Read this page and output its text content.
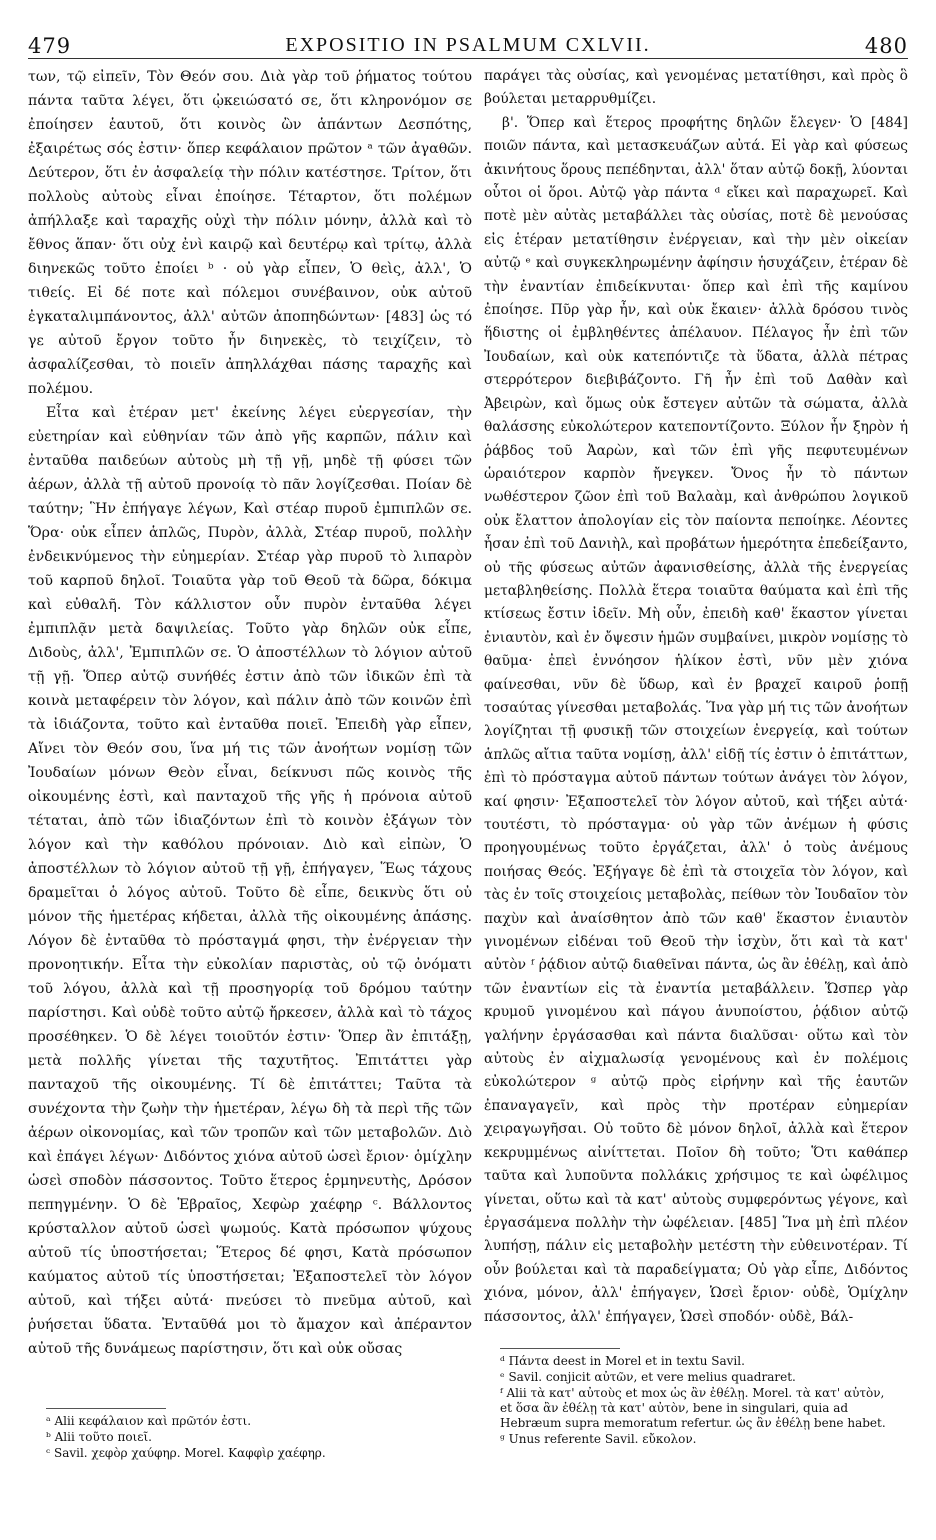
479	EXPOSITIO IN PSALMUM CXLVII.	480

των, τῷ εἰπεῖν, Τὸν Θεόν σου. Διὰ γὰρ τοῦ ῥήματος τούτου πάντα ταῦτα λέγει, ὅτι ᾠκειώσατό σε, ὅτι κληρονόμον σε ἐποίησεν ἑαυτοῦ, ὅτι κοινὸς ὢν ἁπάντων Δεσπότης, ἐξαιρέτως σός ἐστιν· ὅπερ κεφάλαιον πρῶτον ᵃ τῶν ἀγαθῶν. Δεύτερον, ὅτι ἐν ἀσφαλείᾳ τὴν πόλιν κατέστησε. Τρίτον, ὅτι πολλοὺς αὐτοὺς εἶναι ἐποίησε. Τέταρτον, ὅτι πολέμων ἀπήλλαξε καὶ ταραχῆς οὐχὶ τὴν πόλιν μόνην, ἀλλὰ καὶ τὸ ἔθνος ἅπαν· ὅτι οὐχ ἐνὶ καιρῷ καὶ δευτέρῳ καὶ τρίτῳ, ἀλλὰ διηνεκῶς τοῦτο ἐποίει ᵇ · οὐ γὰρ εἶπεν, Ὁ θεὶς, ἀλλ', Ὁ τιθείς. Εἰ δέ ποτε καὶ πόλεμοι συνέβαινον, οὐκ αὐτοῦ ἐγκαταλιμπάνοντος, ἀλλ' αὐτῶν ἀποπηδώντων· [483] ὡς τό γε αὐτοῦ ἔργον τοῦτο ἦν διηνεκὲς, τὸ τειχίζειν, τὸ ἀσφαλίζεσθαι, τὸ ποιεῖν ἀπηλλάχθαι πάσης ταραχῆς καὶ πολέμου.

Εἶτα καὶ ἑτέραν μετ' ἐκείνης λέγει εὐεργεσίαν, τὴν εὐετηρίαν καὶ εὐθηνίαν τῶν ἀπὸ γῆς καρπῶν, πάλιν καὶ ἐνταῦθα παιδεύων αὐτοὺς μὴ τῇ γῇ, μηδὲ τῇ φύσει τῶν ἀέρων, ἀλλὰ τῇ αὐτοῦ προνοίᾳ τὸ πᾶν λογίζεσθαι. Ποίαν δὲ ταύτην; Ἣν ἐπήγαγε λέγων, Καὶ στέαρ πυροῦ ἐμπιπλῶν σε. Ὅρα· οὐκ εἶπεν ἁπλῶς, Πυρὸν, ἀλλὰ, Στέαρ πυροῦ, πολλὴν ἐνδεικνύμενος τὴν εὐημερίαν. Στέαρ γὰρ πυροῦ τὸ λιπαρὸν τοῦ καρποῦ δηλοῖ. Τοιαῦτα γὰρ τοῦ Θεοῦ τὰ δῶρα, δόκιμα καὶ εὐθαλῆ. Τὸν κάλλιστον οὖν πυρὸν ἐνταῦθα λέγει ἐμπιπλᾷν μετὰ δαψιλείας. Τοῦτο γὰρ δηλῶν οὐκ εἶπε, Διδοὺς, ἀλλ', Ἐμπιπλῶν σε. Ὁ ἀποστέλλων τὸ λόγιον αὐτοῦ τῇ γῇ. Ὅπερ αὐτῷ συνήθές ἐστιν ἀπὸ τῶν ἰδικῶν ἐπὶ τὰ κοινὰ μεταφέρειν τὸν λόγον, καὶ πάλιν ἀπὸ τῶν κοινῶν ἐπὶ τὰ ἰδιάζοντα, τοῦτο καὶ ἐνταῦθα ποιεῖ. Ἐπειδὴ γὰρ εἶπεν, Αἴνει τὸν Θεόν σου, ἵνα μή τις τῶν ἀνοήτων νομίσῃ τῶν Ἰουδαίων μόνων Θεὸν εἶναι, δείκνυσι πῶς κοινὸς τῆς οἰκουμένης ἐστὶ, καὶ πανταχοῦ τῆς γῆς ἡ πρόνοια αὐτοῦ τέταται, ἀπὸ τῶν ἰδιαζόντων ἐπὶ τὸ κοινὸν ἐξάγων τὸν λόγον καὶ τὴν καθόλου πρόνοιαν. Διὸ καὶ εἰπὼν, Ὁ ἀποστέλλων τὸ λόγιον αὐτοῦ τῇ γῇ, ἐπήγαγεν, Ἕως τάχους δραμεῖται ὁ λόγος αὐτοῦ. Τοῦτο δὲ εἶπε, δεικνὺς ὅτι οὐ μόνον τῆς ἡμετέρας κήδεται, ἀλλὰ τῆς οἰκουμένης ἁπάσης. Λόγον δὲ ἐνταῦθα τὸ πρόσταγμά φησι, τὴν ἐνέργειαν τὴν προνοητικήν. Εἶτα τὴν εὐκολίαν παριστὰς, οὐ τῷ ὀνόματι τοῦ λόγου, ἀλλὰ καὶ τῇ προσηγορίᾳ τοῦ δρόμου ταύτην παρίστησι. Καὶ οὐδὲ τοῦτο αὐτῷ ἤρκεσεν, ἀλλὰ καὶ τὸ τάχος προσέθηκεν. Ὁ δὲ λέγει τοιοῦτόν ἐστιν· Ὅπερ ἂν ἐπιτάξῃ, μετὰ πολλῆς γίνεται τῆς ταχυτῆτος. Ἐπιτάττει γὰρ πανταχοῦ τῆς οἰκουμένης. Τί δὲ ἐπιτάττει; Ταῦτα τὰ συνέχοντα τὴν ζωὴν τὴν ἡμετέραν, λέγω δὴ τὰ περὶ τῆς τῶν ἀέρων οἰκονομίας, καὶ τῶν τροπῶν καὶ τῶν μεταβολῶν. Διὸ καὶ ἐπάγει λέγων· Διδόντος χιόνα αὐτοῦ ὡσεὶ ἔριον· ὁμίχλην ὡσεὶ σποδὸν πάσσοντος. Τοῦτο ἕτερος ἑρμηνευτὴς, Δρόσον πεπηγμένην. Ὁ δὲ Ἑβραῖος, Χεφὼρ χαέφηρ ᶜ. Βάλλοντος κρύσταλλον αὐτοῦ ὡσεὶ ψωμούς. Κατὰ πρόσωπον ψύχους αὐτοῦ τίς ὑποστήσεται; Ἕτερος δέ φησι, Κατὰ πρόσωπον καύματος αὐτοῦ τίς ὑποστήσεται; Ἐξαποστελεῖ τὸν λόγον αὐτοῦ, καὶ τήξει αὐτά· πνεύσει τὸ πνεῦμα αὐτοῦ, καὶ ῥυήσεται ὕδατα. Ἐνταῦθά μοι τὸ ἄμαχον καὶ ἀπέραντον αὐτοῦ τῆς δυνάμεως παρίστησιν, ὅτι καὶ οὐκ οὔσας

παράγει τὰς οὐσίας, καὶ γενομένας μετατίθησι, καὶ πρὸς ὃ βούλεται μεταρρυθμίζει.

β'. Ὅπερ καὶ ἕτερος προφήτης δηλῶν ἔλεγεν· Ὁ [484] ποιῶν πάντα, καὶ μετασκευάζων αὐτά. Εἰ γὰρ καὶ φύσεως ἀκινήτους ὅρους πεπέδηνται, ἀλλ' ὅταν αὐτῷ δοκῇ, λύονται οὗτοι οἱ ὅροι. Αὐτῷ γὰρ πάντα ᵈ εἴκει καὶ παραχωρεῖ. Καὶ ποτὲ μὲν αὐτὰς μεταβάλλει τὰς οὐσίας, ποτὲ δὲ μενούσας εἰς ἑτέραν μετατίθησιν ἐνέργειαν, καὶ τὴν μὲν οἰκείαν αὐτῷ ᵉ καὶ συγκεκληρωμένην ἀφίησιν ἡσυχάζειν, ἑτέραν δὲ τὴν ἐναντίαν ἐπιδείκνυται· ὅπερ καὶ ἐπὶ τῆς καμίνου ἐποίησε. Πῦρ γὰρ ἦν, καὶ οὐκ ἔκαιεν· ἀλλὰ δρόσου τινὸς ἥδιστης οἱ ἐμβληθέντες ἀπέλαυον. Πέλαγος ἦν ἐπὶ τῶν Ἰουδαίων, καὶ οὐκ κατεπόντιζε τὰ ὕδατα, ἀλλὰ πέτρας στερρότερον διεβιβάζοντο. Γῆ ἦν ἐπὶ τοῦ Δαθὰν καὶ Ἀβειρὼν, καὶ ὅμως οὐκ ἔστεγεν αὐτῶν τὰ σώματα, ἀλλὰ θαλάσσης εὐκολώτερον κατεποντίζοντο. Ξύλον ἦν ξηρὸν ἡ ῥάβδος τοῦ Ἀαρὼν, καὶ τῶν ἐπὶ γῆς πεφυτευμένων ὡραιότερον καρπὸν ἤνεγκεν. Ὄνος ἦν τὸ πάντων νωθέστερον ζῶον ἐπὶ τοῦ Βαλαὰμ, καὶ ἀνθρώπου λογικοῦ οὐκ ἔλαττον ἀπολογίαν εἰς τὸν παίοντα πεποίηκε. Λέοντες ἦσαν ἐπὶ τοῦ Δανιὴλ, καὶ προβάτων ἡμερότητα ἐπεδείξαντο, οὐ τῆς φύσεως αὐτῶν ἀφανισθείσης, ἀλλὰ τῆς ἐνεργείας μεταβληθείσης. Πολλὰ ἕτερα τοιαῦτα θαύματα καὶ ἐπὶ τῆς κτίσεως ἔστιν ἰδεῖν. Μὴ οὖν, ἐπειδὴ καθ' ἕκαστον γίνεται ἐνιαυτὸν, καὶ ἐν ὄψεσιν ἡμῶν συμβαίνει, μικρὸν νομίσῃς τὸ θαῦμα· ἐπεὶ ἐννόησον ἡλίκον ἐστὶ, νῦν μὲν χιόνα φαίνεσθαι, νῦν δὲ ὕδωρ, καὶ ἐν βραχεῖ καιροῦ ῥοπῇ τοσαύτας γίνεσθαι μεταβολάς. Ἵνα γὰρ μή τις τῶν ἀνοήτων λογίζηται τῇ φυσικῇ τῶν στοιχείων ἐνεργείᾳ, καὶ τούτων ἁπλῶς αἴτια ταῦτα νομίσῃ, ἀλλ' εἰδῇ τίς ἐστιν ὁ ἐπιτάττων, ἐπὶ τὸ πρόσταγμα αὐτοῦ πάντων τούτων ἀνάγει τὸν λόγον, καί φησιν· Ἐξαποστελεῖ τὸν λόγον αὐτοῦ, καὶ τήξει αὐτά· τουτέστι, τὸ πρόσταγμα· οὐ γὰρ τῶν ἀνέμων ἡ φύσις προηγουμένως τοῦτο ἐργάζεται, ἀλλ' ὁ τοὺς ἀνέμους ποιήσας Θεός. Ἐξήγαγε δὲ ἐπὶ τὰ στοιχεῖα τὸν λόγον, καὶ τὰς ἐν τοῖς στοιχείοις μεταβολὰς, πείθων τὸν Ἰουδαῖον τὸν παχὺν καὶ ἀναίσθητον ἀπὸ τῶν καθ' ἕκαστον ἐνιαυτὸν γινομένων εἰδέναι τοῦ Θεοῦ τὴν ἰσχὺν, ὅτι καὶ τὰ κατ' αὐτὸν ᶠ ῥᾴδιον αὐτῷ διαθεῖναι πάντα, ὡς ἂν ἐθέλῃ, καὶ ἀπὸ τῶν ἐναντίων εἰς τὰ ἐναντία μεταβάλλειν. Ὥσπερ γὰρ κρυμοῦ γινομένου καὶ πάγου ἀνυποίστου, ῥᾴδιον αὐτῷ γαλήνην ἐργάσασθαι καὶ πάντα διαλῦσαι· οὕτω καὶ τὸν αὐτοὺς ἐν αἰχμαλωσίᾳ γενομένους καὶ ἐν πολέμοις εὐκολώτερον ᵍ αὐτῷ πρὸς εἰρήνην καὶ τῆς ἑαυτῶν ἐπαναγαγεῖν, καὶ πρὸς τὴν προτέραν εὐημερίαν χειραγωγῆσαι. Οὐ τοῦτο δὲ μόνον δηλοῖ, ἀλλὰ καὶ ἕτερον κεκρυμμένως αἰνίττεται. Ποῖον δὴ τοῦτο; Ὅτι καθάπερ ταῦτα καὶ λυποῦντα πολλάκις χρήσιμος τε καὶ ὠφέλιμος γίνεται, οὕτω καὶ τὰ κατ' αὐτοὺς συμφερόντως γέγονε, καὶ ἐργασάμενα πολλὴν τὴν ὠφέλειαν. [485] Ἵνα μὴ ἐπὶ πλέον λυπήσῃ, πάλιν εἰς μεταβολὴν μετέστη τὴν εὐθεινοτέραν. Τί οὖν βούλεται καὶ τὰ παραδείγματα; Οὐ γὰρ εἶπε, Διδόντος χιόνα, μόνον, ἀλλ' ἐπήγαγεν, Ὡσεὶ ἔριον· οὐδὲ, Ὁμίχλην πάσσοντος, ἀλλ' ἐπήγαγεν, Ὡσεὶ σποδόν· οὐδὲ, Βάλ-

ᵃ Alii κεφάλαιον καὶ πρῶτόν ἐστι.
ᵇ Alii τοῦτο ποιεῖ.
ᶜ Savil. χεφὸρ χαύφηρ. Morel. Καφφὶρ χαέφηρ.
ᵈ Πάντα deest in Morel et in textu Savil.
ᵉ Savil. conjicit αὐτῶν, et vere melius quadraret.
ᶠ Alii τὰ κατ' αὐτοὺς et mox ὡς ἂν ἐθέλῃ. Morel. τὰ κατ' αὐτὸν, et ὅσα ἂν ἐθέλῃ τὰ κατ' αὐτὸν, bene in singulari, quia ad Hebræum supra memoratum refertur. ὡς ἂν ἐθέλῃ bene habet.
ᵍ Unus referente Savil. εὔκολον.
